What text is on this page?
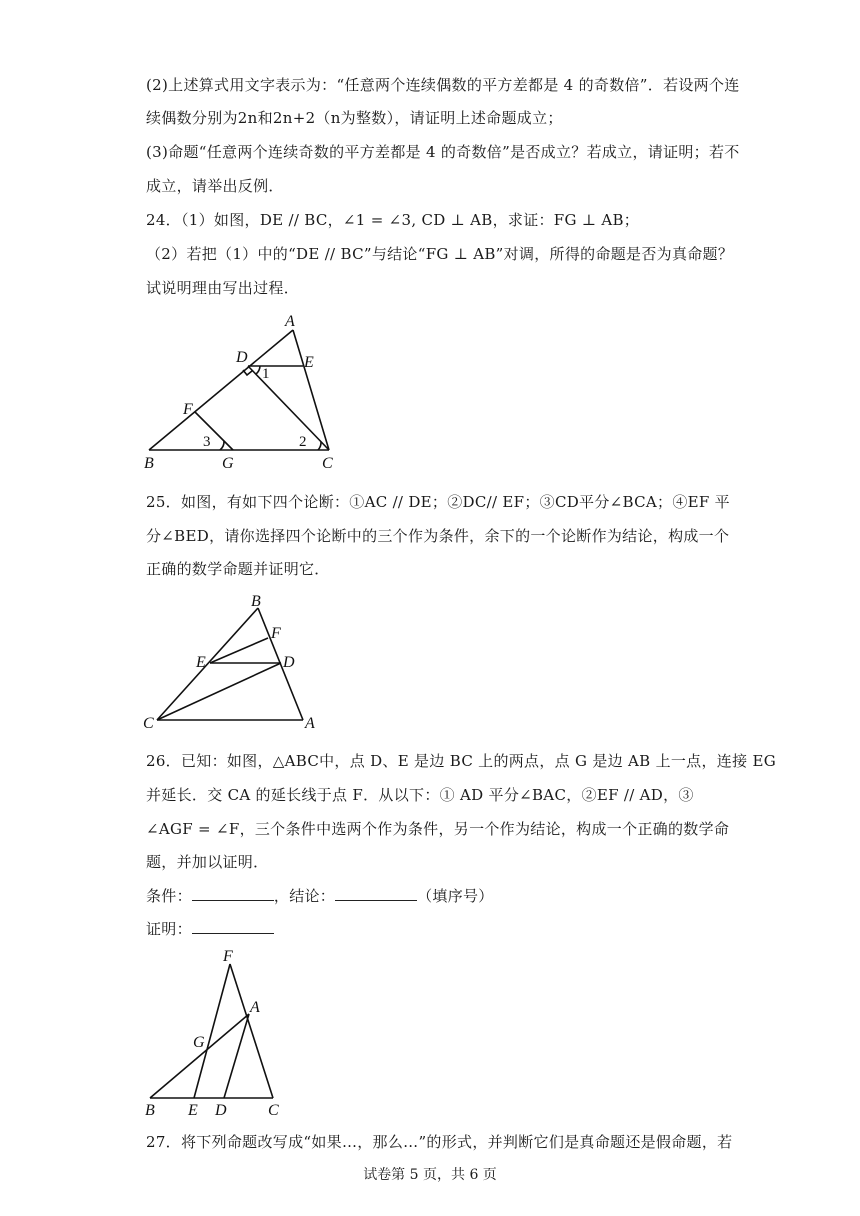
(2)上述算式用文字表示为：“任意两个连续偶数的平方差都是 4 的奇数倍”．若设两个连
续偶数分别为2n和2n+2（n为整数），请证明上述命题成立；
(3)命题“任意两个连续奇数的平方差都是 4 的奇数倍”是否成立？若成立，请证明；若不
成立，请举出反例．
24．（1）如图，DE // BC，∠1 = ∠3, CD ⊥ AB，求证：FG ⊥ AB；
（2）若把（1）中的“DE // BC”与结论“FG ⊥ AB”对调，所得的命题是否为真命题？
试说明理由写出过程．
A
D	E
F
B	G	C
1
3	2
25．如图，有如下四个论断：①AC // DE；②DC// EF；③CD平分∠BCA；④EF 平
分∠BED，请你选择四个论断中的三个作为条件，余下的一个论断作为结论，构成一个
正确的数学命题并证明它．
B
F
E	D
C	A
26．已知：如图，△ABC中，点 D、E 是边 BC 上的两点，点 G 是边 AB 上一点，连接 EG
并延长．交 CA 的延长线于点 F．从以下：① AD 平分∠BAC，②EF // AD，③
∠AGF = ∠F，三个条件中选两个作为条件，另一个作为结论，构成一个正确的数学命
题，并加以证明．
条件：	，结论：	（填序号）
证明：
F
A
G
B E D	C
27．将下列命题改写成“如果…，那么…”的形式，并判断它们是真命题还是假命题，若
试卷第 5 页，共 6 页
